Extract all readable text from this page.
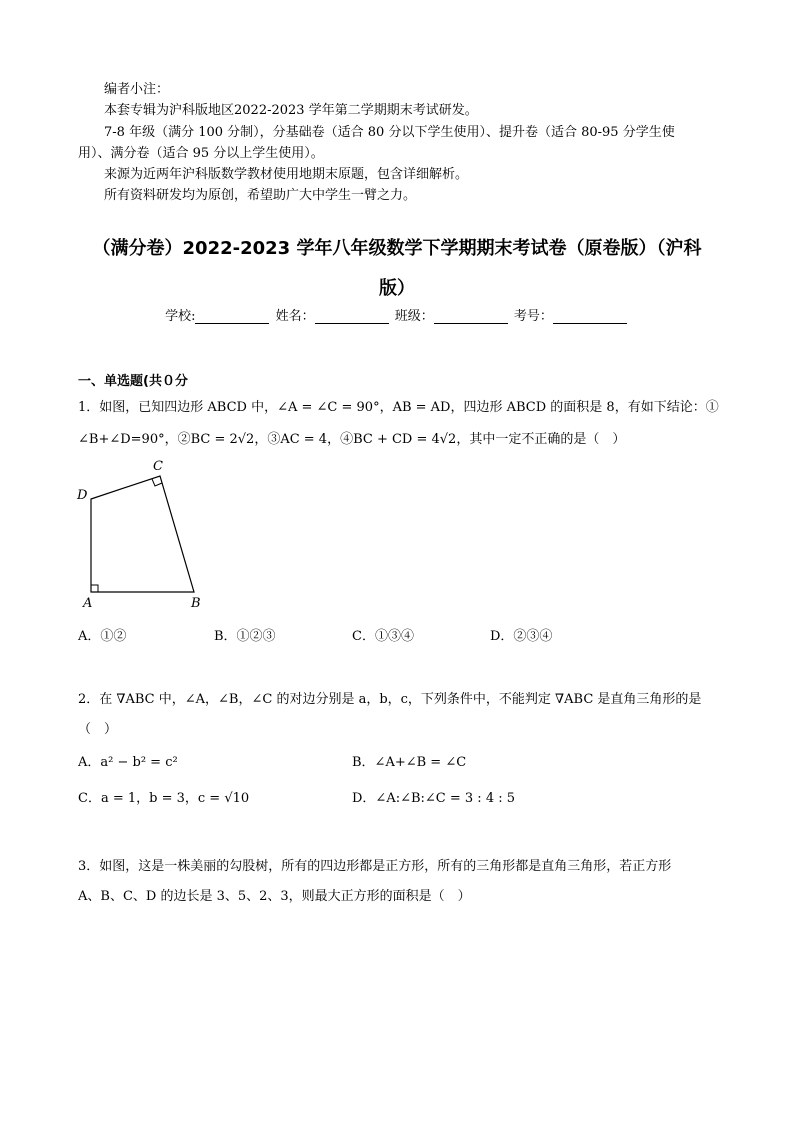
编者小注：
本套专辑为沪科版地区2022-2023 学年第二学期期末考试研发。
7-8 年级（满分 100 分制），分基础卷（适合 80 分以下学生使用）、提升卷（适合 80-95 分学生使
用）、满分卷（适合 95 分以上学生使用）。
来源为近两年沪科版数学教材使用地期末原题，包含详细解析。
所有资料研发均为原创，希望助广大中学生一臂之力。
（满分卷）2022-2023 学年八年级数学下学期期末考试卷（原卷版）（沪科
版）
学校:	姓名：	班级：	考号：
一、单选题(共０分
1．如图，已知四边形 ABCD 中，∠A = ∠C = 90°，AB = AD，四边形 ABCD 的面积是 8，有如下结论：①
∠B+∠D=90°，②BC = 2√2，③AC = 4，④BC + CD = 4√2，其中一定不正确的是（　）
A	B
C
D
A．①②	B．①②③	C．①③④	D．②③④
2．在 ∇ABC 中，∠A，∠B，∠C 的对边分别是 a，b，c，下列条件中，不能判定 ∇ABC 是直角三角形的是
（　）
A．a² − b² = c²	B．∠A+∠B = ∠C
C．a = 1，b = 3，c = √10	D．∠A:∠B:∠C = 3 : 4 : 5
3．如图，这是一株美丽的勾股树，所有的四边形都是正方形，所有的三角形都是直角三角形，若正方形
A、B、C、D 的边长是 3、5、2、3，则最大正方形的面积是（　）
